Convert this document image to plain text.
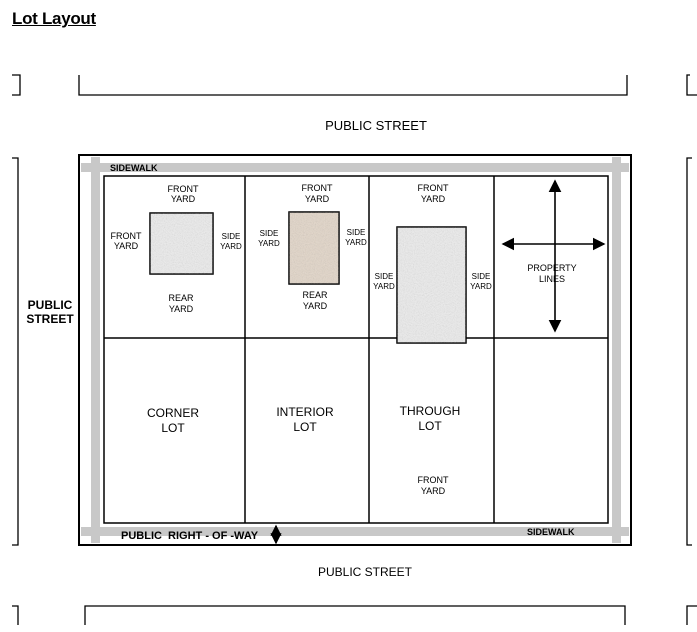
Lot Layout
PUBLIC STREET
PUBLIC STREET
PUBLIC
STREET
SIDEWALK
SIDEWALK
PUBLIC  RIGHT - OF -WAY
FRONT
YARD
FRONT
YARD
SIDE
YARD
REAR
YARD
FRONT
YARD
SIDE
YARD
SIDE
YARD
REAR
YARD
FRONT
YARD
SIDE
YARD
SIDE
YARD
FRONT
YARD
PROPERTY
LINES
CORNER
LOT
INTERIOR
LOT
THROUGH
LOT
